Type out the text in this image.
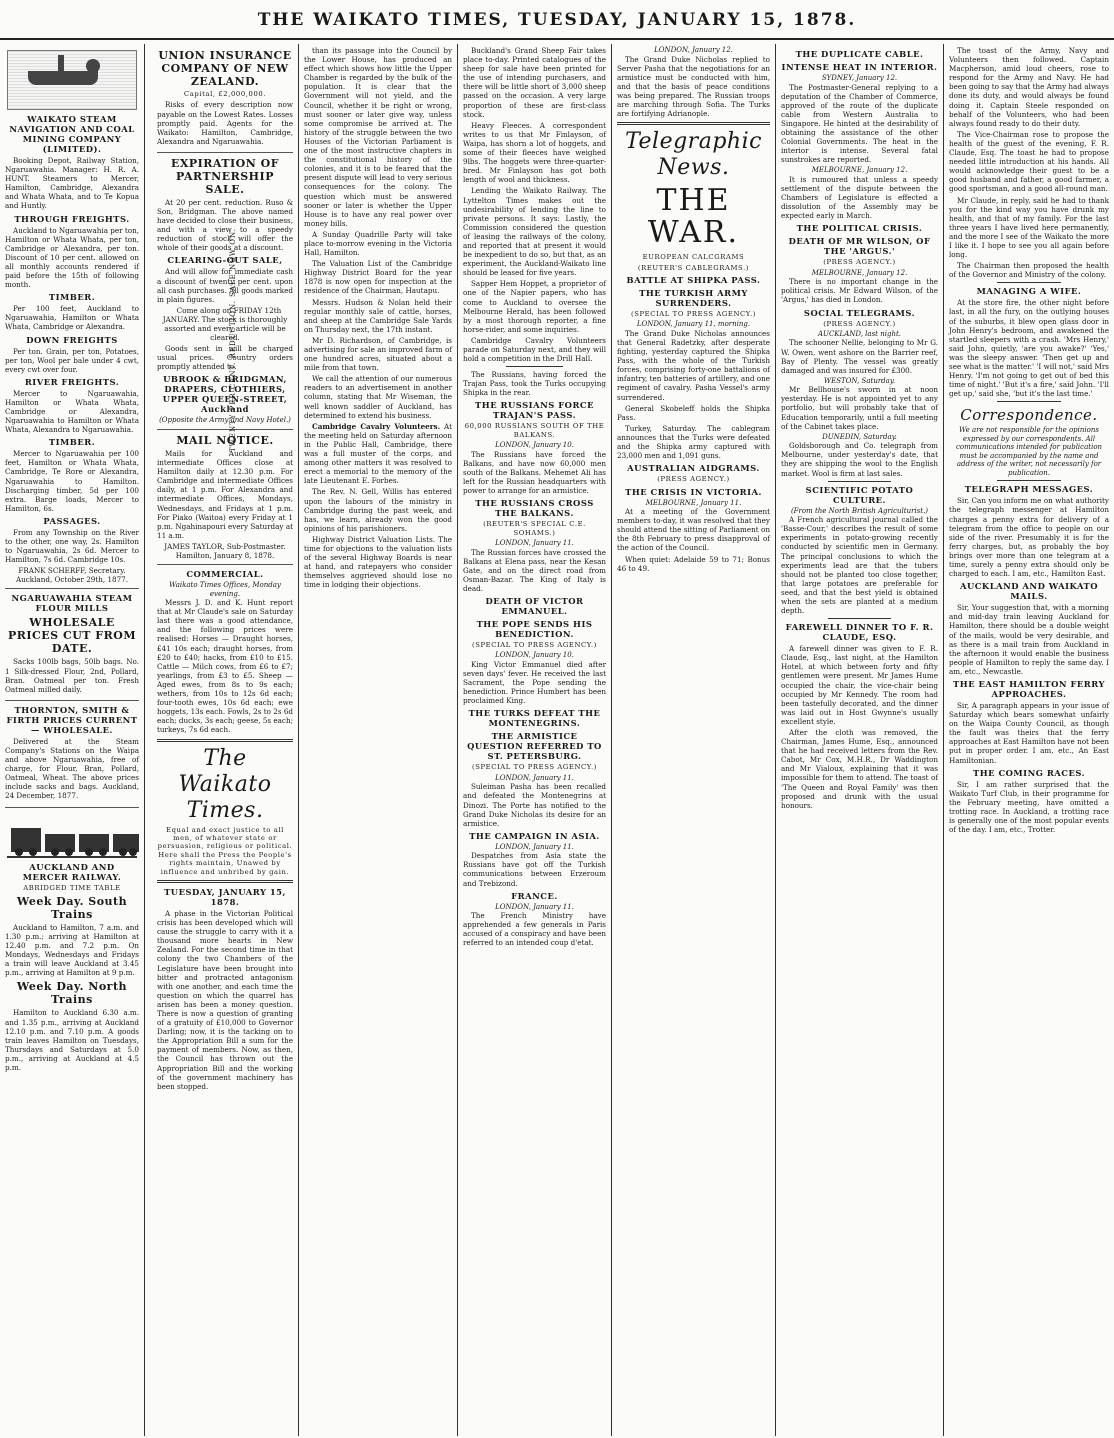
THE WAIKATO TIMES, TUESDAY, JANUARY 15, 1878.
WAIKATO STEAM NAVIGATION AND COAL MINING COMPANY (LIMITED).
Booking Depot, Railway Station, Ngaruawahia. Manager: H. R. A. HUNT. Steamers to Mercer, Hamilton, Cambridge, Alexandra and Whata Whata, and to Te Kopua and Huntly.
THROUGH FREIGHTS.
Auckland to Ngaruawahia per ton, Hamilton or Whata Whata, per ton, Cambridge or Alexandra, per ton. Discount of 10 per cent. allowed on all monthly accounts rendered if paid before the 15th of following month.
TIMBER.
Per 100 feet, Auckland to Ngaruawahia, Hamilton or Whata Whata, Cambridge or Alexandra.
DOWN FREIGHTS
Per ton. Grain, per ton, Potatoes, per ton, Wool per bale under 4 cwt, every cwt over four.
RIVER FREIGHTS.
Mercer to Ngaruawahia, Hamilton or Whata Whata, Cambridge or Alexandra, Ngaruawahia to Hamilton or Whata Whata, Alexandra to Ngaruawahia.
TIMBER.
Mercer to Ngaruawahia per 100 feet, Hamilton or Whata Whata, Cambridge, Te Rore or Alexandra, Ngaruawahia to Hamilton. Discharging timber, 5d per 100 extra. Barge loads, Mercer to Hamilton, 6s.
PASSAGES.
From any Township on the River to the other, one way, 2s. Hamilton to Ngaruawahia, 2s 6d. Mercer to Hamilton, 7s 6d. Cambridge 10s.
FRANK SCHERFF, Secretary. Auckland, October 29th, 1877.
NGARUAWAHIA STEAM FLOUR MILLS
WHOLESALE PRICES CUT FROM DATE.
Sacks 100lb bags, 50lb bags. No. 1 Silk-dressed Flour, 2nd, Pollard, Bran. Oatmeal per ton. Fresh Oatmeal milled daily.
THORNTON, SMITH & FIRTH PRICES CURRENT — WHOLESALE.
Delivered at the Steam Company's Stations on the Waipa and above Ngaruawahia, free of charge, for Flour, Bran, Pollard, Oatmeal, Wheat. The above prices include sacks and bags. Auckland, 24 December, 1877.
AUCKLAND AND MERCER RAILWAY.
ABRIDGED TIME TABLE
Week Day. South Trains
Auckland to Hamilton, 7 a.m. and 1.30 p.m.; arriving at Hamilton at 12.40 p.m. and 7.2 p.m. On Mondays, Wednesdays and Fridays a train will leave Auckland at 3.45 p.m., arriving at Hamilton at 9 p.m.
Week Day. North Trains
Hamilton to Auckland 6.30 a.m. and 1.35 p.m., arriving at Auckland 12.10 p.m. and 7.10 p.m. A goods train leaves Hamilton on Tuesdays, Thursdays and Saturdays at 5.0 p.m., arriving at Auckland at 4.5 p.m.
UNION INSURANCE COMPANY OF NEW ZEALAND.
Capital, £2,000,000.
Risks of every description now payable on the Lowest Rates. Losses promptly paid. Agents for the Waikato: Hamilton, Cambridge, Alexandra and Ngaruawahia.
EXPIRATION OF PARTNERSHIP SALE.
At 20 per cent. reduction. Ruso & Son, Bridgman. The above named have decided to close their business, and with a view to a speedy reduction of stock will offer the whole of their goods at a discount.
CLEARING-OUT SALE,
And will allow for immediate cash a discount of twenty per cent. upon all cash purchases. All goods marked in plain figures.
Come along on FRIDAY 12th JANUARY. The stock is thoroughly assorted and every article will be cleared.
Goods sent in will be charged usual prices. Country orders promptly attended to.
UBROOK & BRIDGMAN, DRAPERS, CLOTHIERS, UPPER QUEEN-STREET, Auckland
(Opposite the Army and Navy Hotel.)
MAIL NOTICE.
Mails for Auckland and intermediate Offices close at Hamilton daily at 12.30 p.m. For Cambridge and intermediate Offices daily, at 1 p.m. For Alexandra and intermediate Offices, Mondays, Wednesdays, and Fridays at 1 p.m. For Piako (Waitoa) every Friday at 1 p.m. Ngahinapouri every Saturday at 11 a.m.
JAMES TAYLOR, Sub-Postmaster. Hamilton, January 8, 1878.
COMMERCIAL.
Waikato Times Offices, Monday evening.
Messrs J. D. and K. Hunt report that at Mr Claude's sale on Saturday last there was a good attendance, and the following prices were realised: Horses — Draught horses, £41 10s each; draught horses, from £20 to £40; hacks, from £10 to £15. Cattle — Milch cows, from £6 to £7; yearlings, from £3 to £5. Sheep — Aged ewes, from 8s to 9s each; wethers, from 10s to 12s 6d each; four-tooth ewes, 10s 6d each; ewe hoggets, 13s each. Fowls, 2s to 2s 6d each; ducks, 3s each; geese, 5s each; turkeys, 7s 6d each.
The Waikato Times.
Equal and exact justice to all men, of whatever state or persuasion, religious or political. Here shall the Press the People's rights maintain, Unawed by influence and unbribed by gain.
TUESDAY, JANUARY 15, 1878.
A phase in the Victorian Political crisis has been developed which will cause the struggle to carry with it a thousand more hearts in New Zealand. For the second time in that colony the two Chambers of the Legislature have been brought into bitter and protracted antagonism with one another, and each time the question on which the quarrel has arisen has been a money question. There is now a question of granting of a gratuity of £10,000 to Governor Darling; now, it is the tacking on to the Appropriation Bill a sum for the payment of members. Now, as then, the Council has thrown out the Appropriation Bill and the working of the government machinery has been stopped.
TWENTY PER CENT. REDUCTION. SALE NOW ON.
than its passage into the Council by the Lower House, has produced an effect which shows how little the Upper Chamber is regarded by the bulk of the population. It is clear that the Government will not yield, and the Council, whether it be right or wrong, must sooner or later give way, unless some compromise be arrived at. The history of the struggle between the two Houses of the Victorian Parliament is one of the most instructive chapters in the constitutional history of the colonies, and it is to be feared that the present dispute will lead to very serious consequences for the colony. The question which must be answered sooner or later is whether the Upper House is to have any real power over money bills.
A Sunday Quadrille Party will take place to-morrow evening in the Victoria Hall, Hamilton.
The Valuation List of the Cambridge Highway District Board for the year 1878 is now open for inspection at the residence of the Chairman, Hautapu.
Messrs. Hudson & Nolan held their regular monthly sale of cattle, horses, and sheep at the Cambridge Sale Yards on Thursday next, the 17th instant.
Mr D. Richardson, of Cambridge, is advertising for sale an improved farm of one hundred acres, situated about a mile from that town.
We call the attention of our numerous readers to an advertisement in another column, stating that Mr Wiseman, the well known saddler of Auckland, has determined to extend his business.
Cambridge Cavalry Volunteers. At the meeting held on Saturday afternoon in the Public Hall, Cambridge, there was a full muster of the corps, and among other matters it was resolved to erect a memorial to the memory of the late Lieutenant E. Forbes.
The Rev. N. Gell, Willis has entered upon the labours of the ministry in Cambridge during the past week, and has, we learn, already won the good opinions of his parishioners.
Highway District Valuation Lists. The time for objections to the valuation lists of the several Highway Boards is near at hand, and ratepayers who consider themselves aggrieved should lose no time in lodging their objections.
Buckland's Grand Sheep Fair takes place to-day. Printed catalogues of the sheep for sale have been printed for the use of intending purchasers, and there will be little short of 3,000 sheep passed on the occasion. A very large proportion of these are first-class stock.
Heavy Fleeces. A correspondent writes to us that Mr Finlayson, of Waipa, has shorn a lot of hoggets, and some of their fleeces have weighed 9lbs. The hoggets were three-quarter-bred. Mr Finlayson has got both length of wool and thickness.
Lending the Waikato Railway. The Lyttelton Times makes out the undesirability of lending the line to private persons. It says: Lastly, the Commission considered the question of leasing the railways of the colony, and reported that at present it would be inexpedient to do so, but that, as an experiment, the Auckland-Waikato line should be leased for five years.
Sapper Hem Hoppet, a proprietor of one of the Napier papers, who has come to Auckland to oversee the Melbourne Herald, has been followed by a most thorough reporter, a fine horse-rider, and some inquiries.
Cambridge Cavalry Volunteers parade on Saturday next, and they will hold a competition in the Drill Hall.
The Russians, having forced the Trajan Pass, took the Turks occupying Shipka in the rear.
THE RUSSIANS FORCE TRAJAN'S PASS.
60,000 RUSSIANS SOUTH OF THE BALKANS.
LONDON, January 10.
The Russians have forced the Balkans, and have now 60,000 men south of the Balkans. Mehemet Ali has left for the Russian headquarters with power to arrange for an armistice.
THE RUSSIANS CROSS THE BALKANS.
(REUTER'S SPECIAL C.E. SOHAMS.)
LONDON, January 11.
The Russian forces have crossed the Balkans at Elena pass, near the Kesan Gate, and on the direct road from Osman-Bazar. The King of Italy is dead.
DEATH OF VICTOR EMMANUEL.
THE POPE SENDS HIS BENEDICTION.
(SPECIAL TO PRESS AGENCY.)
LONDON, January 10.
King Victor Emmanuel died after seven days' fever. He received the last Sacrament, the Pope sending the benediction. Prince Humbert has been proclaimed King.
THE TURKS DEFEAT THE MONTENEGRINS.
THE ARMISTICE QUESTION REFERRED TO ST. PETERSBURG.
(SPECIAL TO PRESS AGENCY.)
LONDON, January 11.
Suleiman Pasha has been recalled and defeated the Montenegrins at Dinozi. The Porte has notified to the Grand Duke Nicholas its desire for an armistice.
THE CAMPAIGN IN ASIA.
LONDON, January 11.
Despatches from Asia state the Russians have got off the Turkish communications between Erzeroum and Trebizond.
FRANCE.
LONDON, January 11.
The French Ministry have apprehended a few generals in Paris accused of a conspiracy and have been referred to an intended coup d'etat.
LONDON, January 12.
The Grand Duke Nicholas replied to Server Pasha that the negotiations for an armistice must be conducted with him, and that the basis of peace conditions was being prepared. The Russian troops are marching through Sofia. The Turks are fortifying Adrianople.
Telegraphic News.
THE WAR.
EUROPEAN CALCGRAMS
(REUTER'S CABLEGRAMS.)
BATTLE AT SHIPKA PASS.
THE TURKISH ARMY SURRENDERS.
(SPECIAL TO PRESS AGENCY.)
LONDON, January 11, morning.
The Grand Duke Nicholas announces that General Radetzky, after desperate fighting, yesterday captured the Shipka Pass, with the whole of the Turkish forces, comprising forty-one battalions of infantry, ten batteries of artillery, and one regiment of cavalry. Pasha Vessel's army surrendered.
General Skobeleff holds the Shipka Pass.
Turkey, Saturday. The cablegram announces that the Turks were defeated and the Shipka army captured with 23,000 men and 1,091 guns.
AUSTRALIAN AIDGRAMS.
(PRESS AGENCY.)
THE CRISIS IN VICTORIA.
MELBOURNE, January 11.
At a meeting of the Government members to-day, it was resolved that they should attend the sitting of Parliament on the 8th February to press disapproval of the action of the Council.
When quiet: Adelaide 59 to 71; Bonus 46 to 49.
THE DUPLICATE CABLE.
INTENSE HEAT IN INTERIOR.
SYDNEY, January 12.
The Postmaster-General replying to a deputation of the Chamber of Commerce, approved of the route of the duplicate cable from Western Australia to Singapore. He hinted at the desirability of obtaining the assistance of the other Colonial Governments. The heat in the interior is intense. Several fatal sunstrokes are reported.
MELBOURNE, January 12.
It is rumoured that unless a speedy settlement of the dispute between the Chambers of Legislature is effected a dissolution of the Assembly may be expected early in March.
THE POLITICAL CRISIS.
DEATH OF MR WILSON, OF THE 'ARGUS.'
(PRESS AGENCY.)
MELBOURNE, January 12.
There is no important change in the political crisis. Mr Edward Wilson, of the 'Argus,' has died in London.
SOCIAL TELEGRAMS.
(PRESS AGENCY.)
AUCKLAND, last night.
The schooner Nellie, belonging to Mr G. W. Owen, went ashore on the Barrier reef, Bay of Plenty. The vessel was greatly damaged and was insured for £300.
WESTON, Saturday.
Mr Bellhouse's sworn in at noon yesterday. He is not appointed yet to any portfolio, but will probably take that of Education temporarily, until a full meeting of the Cabinet takes place.
DUNEDIN, Saturday.
Goldsborough and Co. telegraph from Melbourne, under yesterday's date, that they are shipping the wool to the English market. Wool is firm at last sales.
SCIENTIFIC POTATO CULTURE.
(From the North British Agriculturist.)
A French agricultural journal called the 'Basse-Cour,' describes the result of some experiments in potato-growing recently conducted by scientific men in Germany. The principal conclusions to which the experiments lead are that the tubers should not be planted too close together, that large potatoes are preferable for seed, and that the best yield is obtained when the sets are planted at a medium depth.
FAREWELL DINNER TO F. R. CLAUDE, ESQ.
A farewell dinner was given to F. R. Claude, Esq., last night, at the Hamilton Hotel, at which between forty and fifty gentlemen were present. Mr James Hume occupied the chair, the vice-chair being occupied by Mr Kennedy. The room had been tastefully decorated, and the dinner was laid out in Host Gwynne's usually excellent style.
After the cloth was removed, the Chairman, James Hume, Esq., announced that he had received letters from the Rev. Cabot, Mr Cox, M.H.R., Dr Waddington and Mr Vialoux, explaining that it was impossible for them to attend. The toast of 'The Queen and Royal Family' was then proposed and drunk with the usual honours.
The toast of the Army, Navy and Volunteers then followed. Captain Macpherson, amid loud cheers, rose to respond for the Army and Navy. He had been going to say that the Army had always done its duty, and would always be found doing it. Captain Steele responded on behalf of the Volunteers, who had been always found ready to do their duty.
The Vice-Chairman rose to propose the health of the guest of the evening, F. R. Claude, Esq. The toast he had to propose needed little introduction at his hands. All would acknowledge their guest to be a good husband and father, a good farmer, a good sportsman, and a good all-round man.
Mr Claude, in reply, said he had to thank you for the kind way you have drunk my health, and that of my family. For the last three years I have lived here permanently, and the more I see of the Waikato the more I like it. I hope to see you all again before long.
The Chairman then proposed the health of the Governor and Ministry of the colony.
MANAGING A WIFE.
At the store fire, the other night before last, in all the fury, on the outlying houses of the suburbs, it blew open glass door in John Henry's bedroom, and awakened the startled sleepers with a crash. 'Mrs Henry,' said John, quietly, 'are you awake?' 'Yes,' was the sleepy answer. 'Then get up and see what is the matter.' 'I will not,' said Mrs Henry. 'I'm not going to get out of bed this time of night.' 'But it's a fire,' said John. 'I'll get up,' said she, 'but it's the last time.'
Correspondence.
We are not responsible for the opinions expressed by our correspondents. All communications intended for publication must be accompanied by the name and address of the writer, not necessarily for publication.
TELEGRAPH MESSAGES.
Sir, Can you inform me on what authority the telegraph messenger at Hamilton charges a penny extra for delivery of a telegram from the office to people on our side of the river. Presumably it is for the ferry charges, but, as probably the boy brings over more than one telegram at a time, surely a penny extra should only be charged to each. I am, etc., Hamilton East.
AUCKLAND AND WAIKATO MAILS.
Sir, Your suggestion that, with a morning and mid-day train leaving Auckland for Hamilton, there should be a double weight of the mails, would be very desirable, and as there is a mail train from Auckland in the afternoon it would enable the business people of Hamilton to reply the same day. I am, etc., Newcastle.
THE EAST HAMILTON FERRY APPROACHES.
Sir, A paragraph appears in your issue of Saturday which bears somewhat unfairly on the Waipa County Council, as though the fault was theirs that the ferry approaches at East Hamilton have not been put in proper order. I am, etc., An East Hamiltonian.
THE COMING RACES.
Sir, I am rather surprised that the Waikato Turf Club, in their programme for the February meeting, have omitted a trotting race. In Auckland, a trotting race is generally one of the most popular events of the day. I am, etc., Trotter.
